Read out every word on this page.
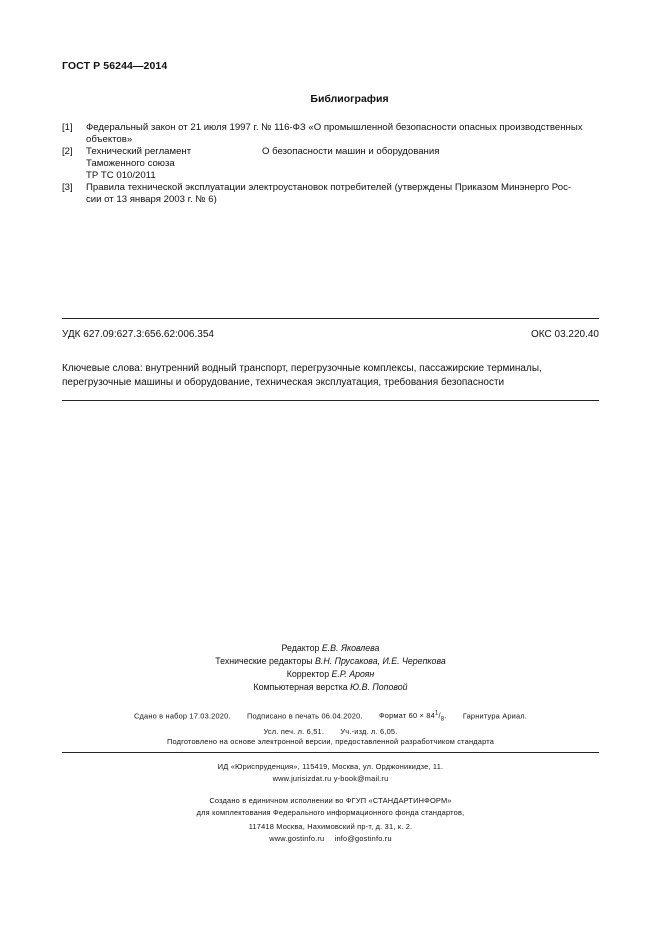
ГОСТ Р 56244—2014
Библиография
[1] Федеральный закон от 21 июля 1997 г. № 116-ФЗ «О промышленной безопасности опасных производственных
объектов»
[2] Технический регламент
Таможенного союза
ТР ТС 010/2011
О безопасности машин и оборудования
[3] Правила технической эксплуатации электроустановок потребителей (утверждены Приказом Минэнерго Рос-
сии от 13 января 2003 г. № 6)
УДК 627.09:627.3:656.62:006.354	ОКС 03.220.40
Ключевые слова: внутренний водный транспорт, перегрузочные комплексы, пассажирские терминалы,
перегрузочные машины и оборудование, техническая эксплуатация, требования безопасности
Редактор Е.В. Яковлева
Технические редакторы В.Н. Прусакова, И.Е. Черепкова
Корректор Е.Р. Ароян
Компьютерная верстка Ю.В. Поповой
Сдано в набор 17.03.2020. Подписано в печать 06.04.2020. Формат $60 \times 84^1/_8$. Гарнитура Ариал.
Усл. печ. л. 6,51. Уч.-изд. л. 6,05.
Подготовлено на основе электронной версии, предоставленной разработчиком стандарта
ИД «Юриспруденция», 115419, Москва, ул. Орджоникидзе, 11.
www.jurisizdat.ru y-book@mail.ru
Создано в единичном исполнении во ФГУП «СТАНДАРТИНФОРМ»
для комплектования Федерального информационного фонда стандартов,
117418 Москва, Нахимовский пр-т, д. 31, к. 2.
www.gostinfo.ru info@gostinfo.ru
